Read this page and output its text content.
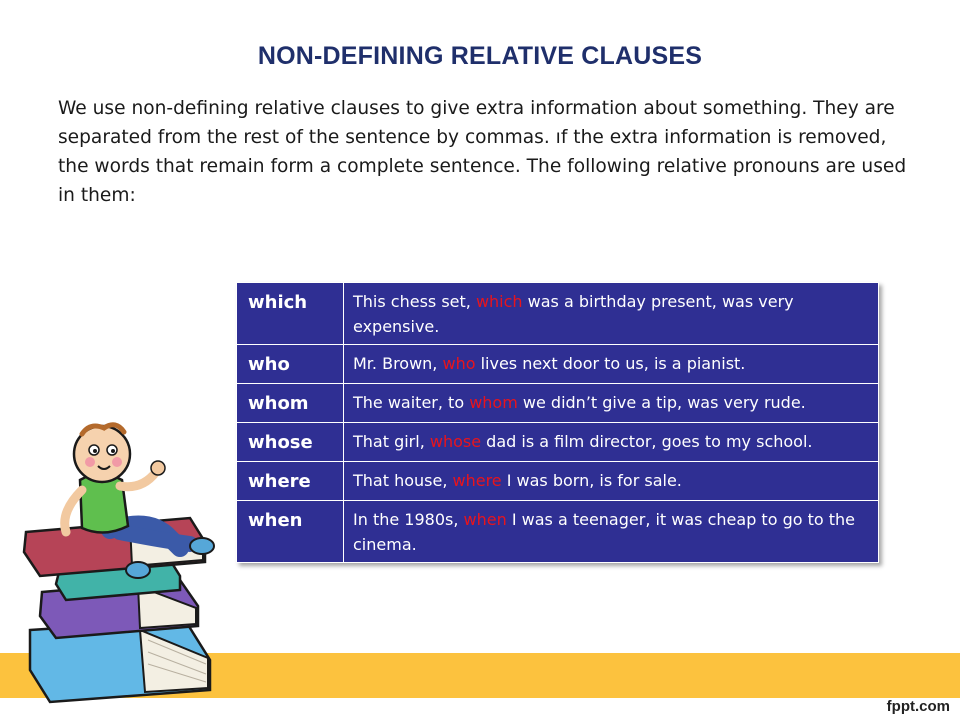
NON-DEFINING RELATIVE CLAUSES
We use non-defining relative clauses to give extra information about something. They are separated from the rest of the sentence by commas. ıf the extra information is removed, the words that remain form a complete sentence. The following relative pronouns are used in them:
which	This chess set, which was a birthday present, was very expensive.
who	Mr. Brown, who lives next door to us, is a pianist.
whom	The waiter, to whom we didn’t give a tip, was very rude.
whose	That girl, whose dad is a film director, goes to my school.
where	That house, where I was born, is for sale.
when	In the 1980s, when I was a teenager, it was cheap to go to the cinema.
fppt.com
